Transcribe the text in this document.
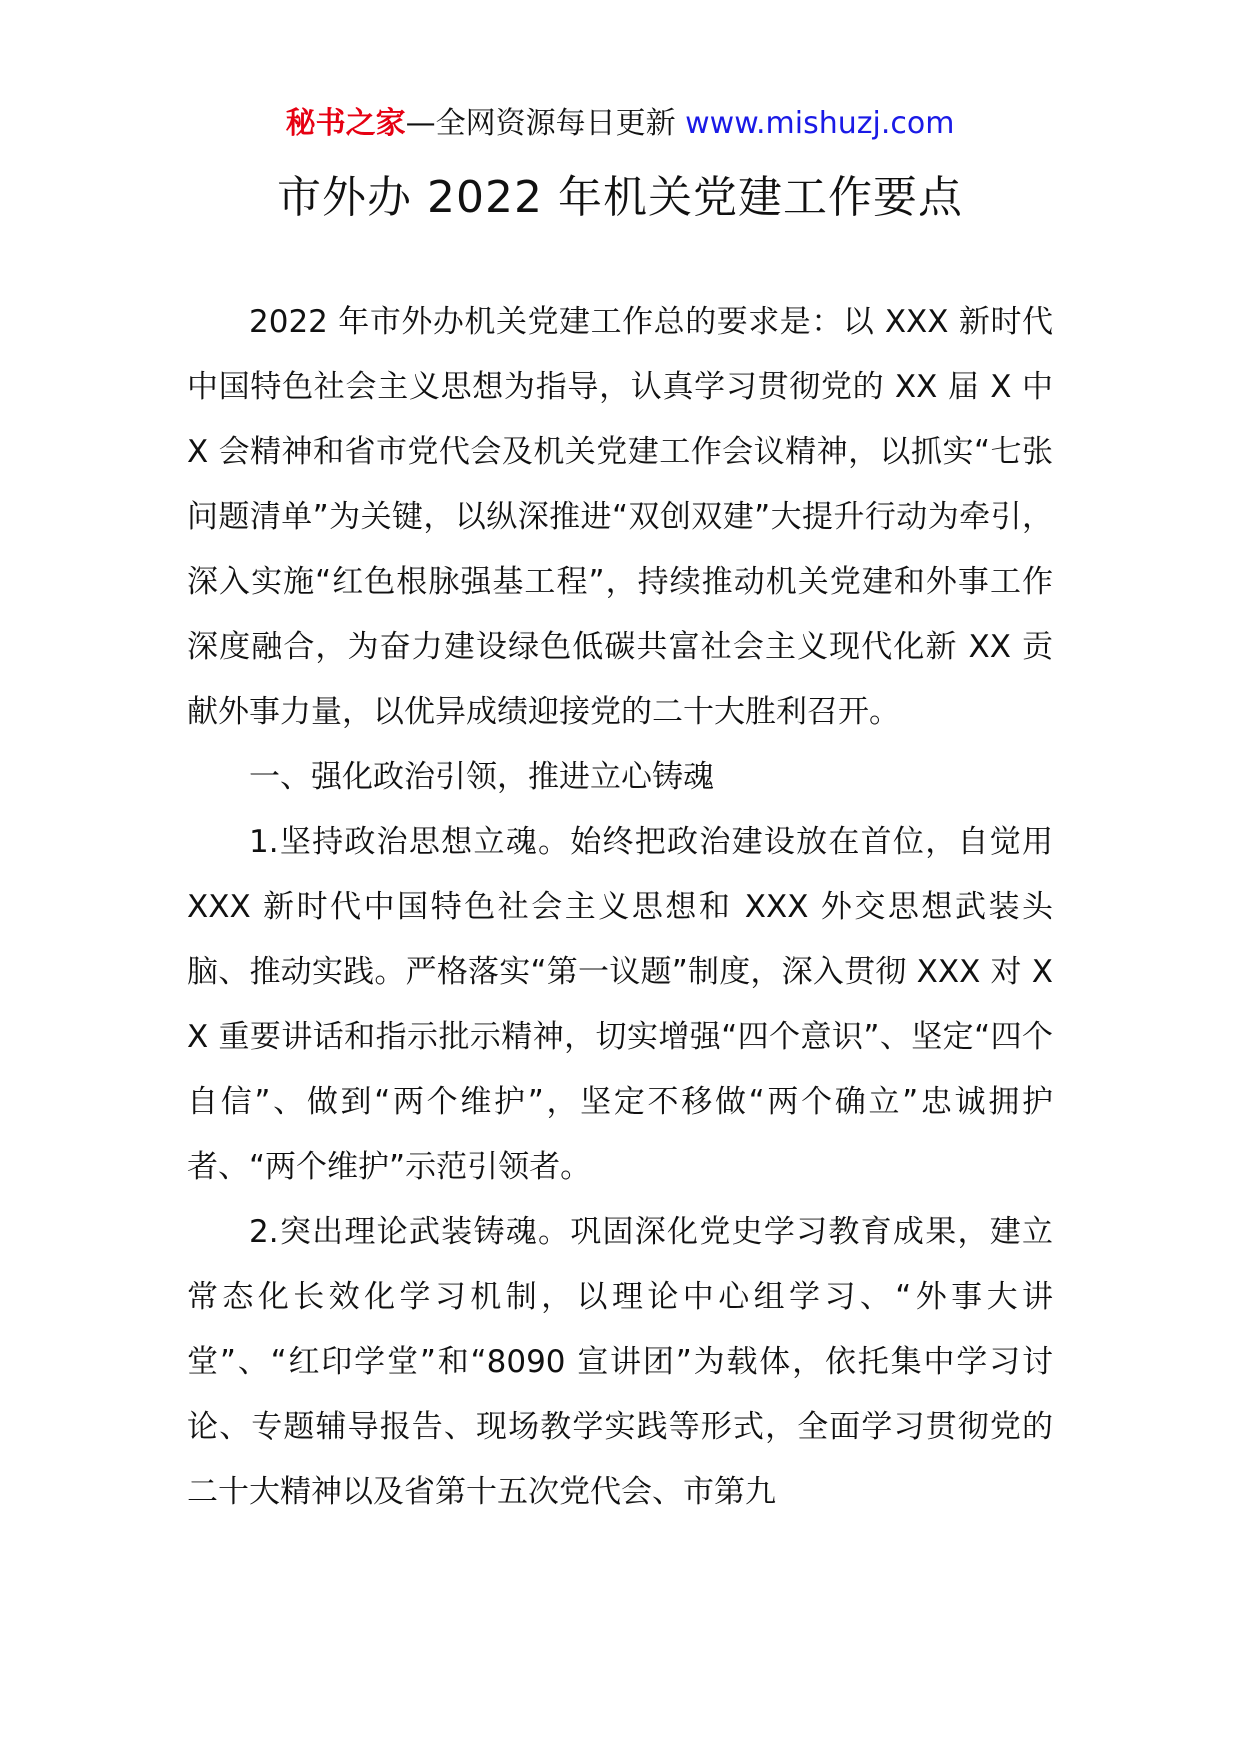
秘书之家—全网资源每日更新 www.mishuzj.com
市外办 2022 年机关党建工作要点

2022 年市外办机关党建工作总的要求是：以 XXX 新时代中国特色社会主义思想为指导，认真学习贯彻党的 XX 届 X 中 X 会精神和省市党代会及机关党建工作会议精神，以抓实“七张问题清单”为关键，以纵深推进“双创双建”大提升行动为牵引，深入实施“红色根脉强基工程”，持续推动机关党建和外事工作深度融合，为奋力建设绿色低碳共富社会主义现代化新 XX 贡献外事力量，以优异成绩迎接党的二十大胜利召开。

一、强化政治引领，推进立心铸魂

1.坚持政治思想立魂。始终把政治建设放在首位，自觉用 XXX 新时代中国特色社会主义思想和 XXX 外交思想武装头脑、推动实践。严格落实“第一议题”制度，深入贯彻 XXX 对 XX 重要讲话和指示批示精神，切实增强“四个意识”、坚定“四个自信”、做到“两个维护”，坚定不移做“两个确立”忠诚拥护者、“两个维护”示范引领者。

2.突出理论武装铸魂。巩固深化党史学习教育成果，建立常态化长效化学习机制，以理论中心组学习、“外事大讲堂”、“红印学堂”和“8090 宣讲团”为载体，依托集中学习讨论、专题辅导报告、现场教学实践等形式，全面学习贯彻党的二十大精神以及省第十五次党代会、市第九
